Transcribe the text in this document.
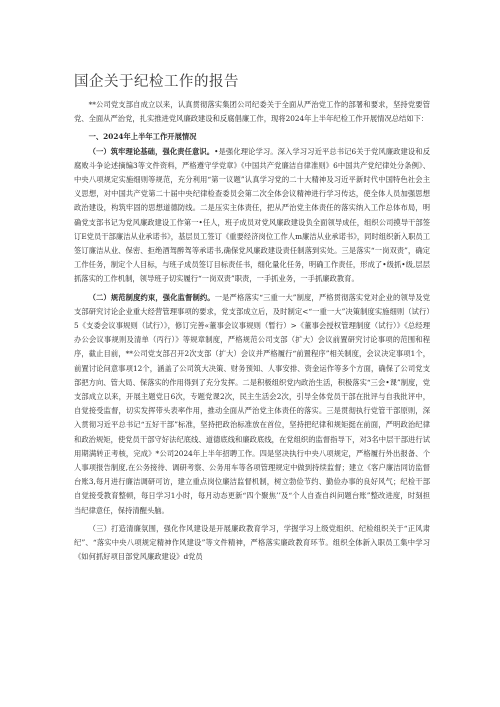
国企关于纪检工作的报告

**公司党支部自成立以来，认真贯彻落实集团公司纪委关于全面从严治党工作的部署和要求，坚持党要管党、全面从严治党，扎实推进党风廉政建设和反腐倡廉工作，现将2024年上半年纪检工作开展情况总结如下：

一、2024年上半年工作开展情况

（一）筑牢理论基础，强化责任意识。•是强化理论学习。深入学习习近平总书记6关于党风廉政建设和反腐败斗争论述摘编3等文件资料，严格遵守学党章》《中国共产党廉洁自律准则》6中国共产党纪律处分条例》、中央八项规定实施细则等规范，充分利用“第一议题”认真学习党的二十大精神及习近平新时代中国特色社会主义思想，对中国共产党第二十届中央纪律检查委员会第二次全体会议精神进行学习传达，使全体人员加强思想政治建设，构筑牢固的思想道德防线。二是压实主体责任，把从严治党主体责任的落实纳入工作总体布局，明确党支部书记为党风廉政建设工作第一•任人，班子成员对党风廉政建设负全面领导成任，组织公司摸导干部签订E党员干部廉洁从业承诺书》，基层员工签订《重要经济岗位工作人m廉洁从业承诺书》，同时组织新入职员工签订廉洁从业、保密、拒绝酒驾醉驾等承诺书,确保党风廉政建设责任制落到实处。三是落实“一岗双责”，确定工作任务，制定个人目标，与班子成员签订目标责任书，细化量化任务，明确工作责任，形成了•级抓•级,层层抓落实的工作机制，领导班子切实履行“一岗双责”职责，一手抓业务，一手抓廉政教育。

（二）规范制度约束，强化监督制约。一是严格落实“三重一大”制度，严格贯彻落实党对企业的领导及党支部研究讨论企业重大经营管理事项的要求，党支部成立后，及时制定<“一重一大”决策制度实施细则（试行）5《支委会议事规则（试行）》，修订完善«董事会议事规则（暂行）>《董事会授权管理制度（试行）》《总经理办公会议事规则及清单（丙行）》等规章制度，严格规范公司支部（扩大）会议前置研究讨论事项的范围和程序，截止目前，**公司党支部召开2次支部（扩大）会议并严格履行“前置程序”相关制度，会议决定事项1个，前置讨论问意事项12个，涵盖了公司筑大决策、财务预知、人事安排、资金运作等多个方面，确保了公司党支部把方向、管大局、保落实的作用得到了充分发挥。二是积极组织党内政治生活，积极落实“三会•课”制度，党支部成立以来，开展主题党日6次，专题党课2次，民主生活会2次，引导全体党员干部在批评与自我批评中，自觉接受监督，切实发挥带头表率作用，推动全面从严治党主体责任的落实。三是贯彻执行党管干部原则，深入贯彻习近平总书记“五好干部”标准，坚持把政治标准放在首位，坚持把纪律和规矩挺在前面，严明政治纪律和政治规矩，使党员干部守好法纪底线、道德底线和廉政底线，在党组织的监督指导下，对3名中层干部进行试用期满转正考核，完成》*公司2024年上半年招聘工作。四是坚决执行中央八项规定，严格履行外出报备、个人事项报告制度,在公务接待、调研考察、公务用车等各项管理规定中做到持续监督；建立《客户廉洁同访监督台账3,每月进行廉洁调研可访，建立重点岗位廉洁监督机制，树立勃俭节约、勤俭办事的良好风气；纪检干部自觉接受教育整顿，每日学习1小时，每月动态更新“四个聚焦’’及“个人自查自纠问题台账”整改进度，时刻担当纪律意任，保持清醒头脑。

（三）打造清廉氛围，强化作风建设是开展廉政教育学习，学握学习上级党组织、纪检组织关于“正风肃纪”、“落实中央八项规定精神作风建设”等文件精神，严格落实廉政教育环节。组织全体新入职员工集中学习《如何抓好项目部党风廉政建设》d党员
